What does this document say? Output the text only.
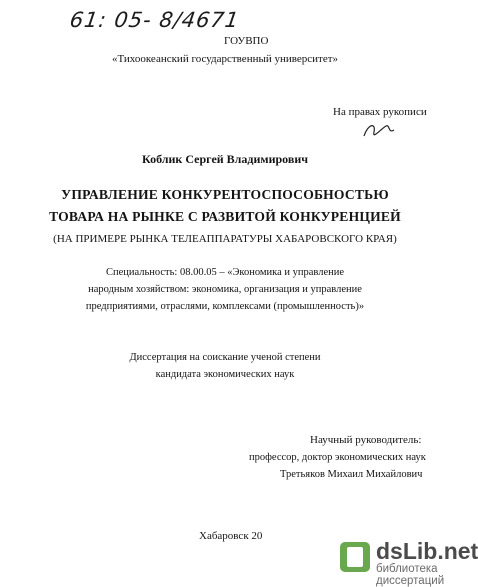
61: 05- 8/4671
ГОУВПО
«Тихоокеанский государственный университет»
На правах рукописи
Коблик Сергей Владимирович
УПРАВЛЕНИЕ КОНКУРЕНТОСПОСОБНОСТЬЮ
ТОВАРА НА РЫНКЕ С РАЗВИТОЙ КОНКУРЕНЦИЕЙ
(НА ПРИМЕРЕ РЫНКА ТЕЛЕАППАРАТУРЫ ХАБАРОВСКОГО КРАЯ)
Специальность: 08.00.05 – «Экономика и управление
народным хозяйством: экономика, организация и управление
предприятиями, отраслями, комплексами (промышленность)»
Диссертация на соискание ученой степени
кандидата экономических наук
Научный руководитель:
профессор, доктор экономических наук
Третьяков Михаил Михайлович
Хабаровск 20
dsLib.net
библиотека диссертаций
